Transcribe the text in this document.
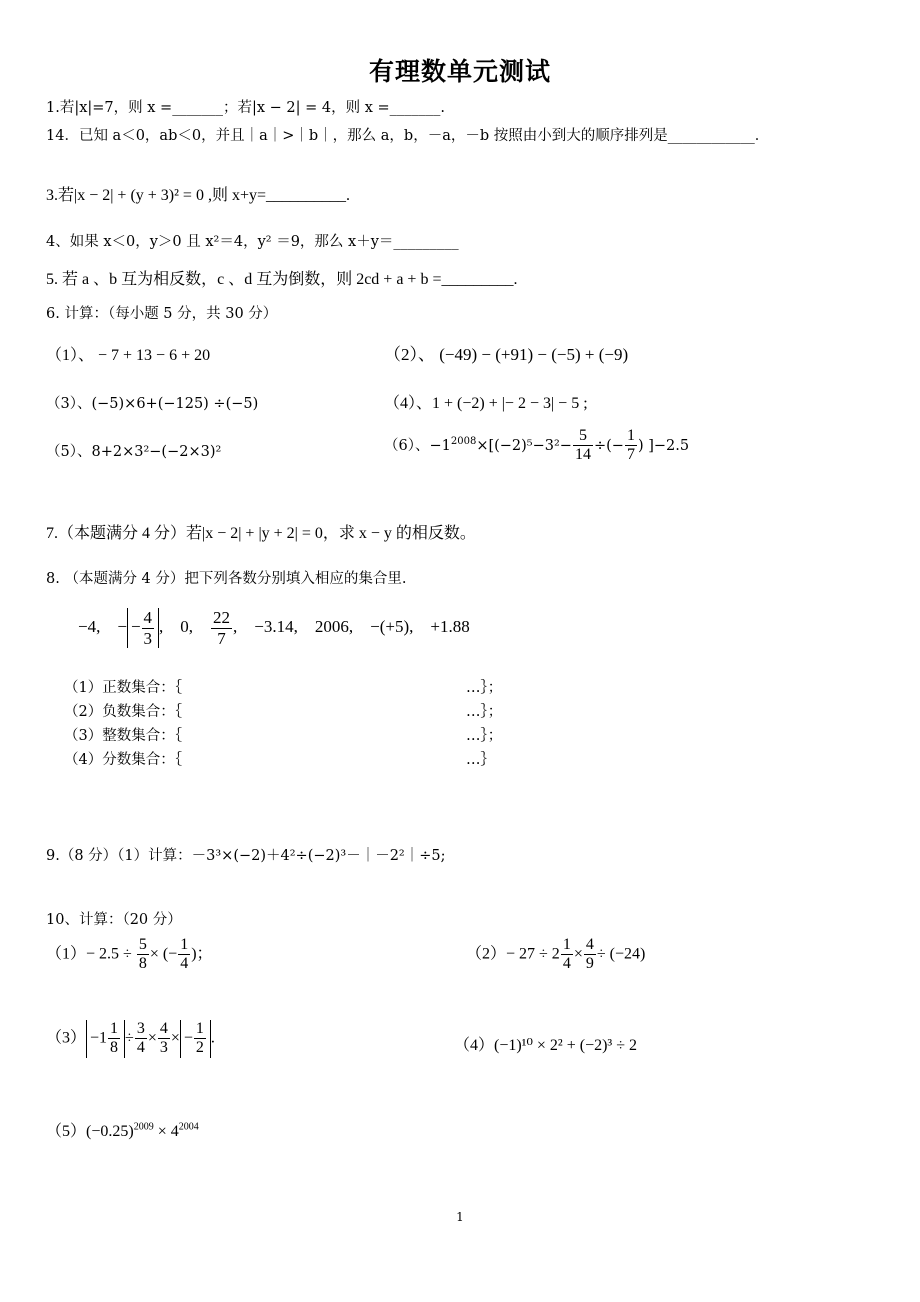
有理数单元测试
1.若|x|=7，则 x =_______；若|x − 2| = 4，则 x =_______.
14．已知 a＜0，ab＜0，并且｜a｜>｜b｜，那么 a，b，－a，－b 按照由小到大的顺序排列是____________．
3.若|x − 2| + (y + 3)² = 0 ,则 x+y=__________.
4、如果 x＜0，y＞0 且 x²＝4，y² ＝9，那么 x＋y＝_________
5. 若 a 、b 互为相反数，c 、d 互为倒数，则 2cd + a + b =_________.
6. 计算：（每小题 5 分，共 30 分）
（1）、 − 7 + 13 − 6 + 20	（2）、 (−49) − (+91) − (−5) + (−9)
（3）、(−5)×6+(−125) ÷(−5)	（4）、1 + (−2) + |− 2 − 3| − 5 ;
（5）、8+2×3²−(−2×3)²	（6）、$-1^{2008}\times[(-2)^5-3^2- \frac{5}{14}$ ÷(− $\frac{1}{7}$ ) ]−2.5
7.（本题满分 4 分）若|x − 2| + |y + 2| = 0，求 x − y 的相反数。
8. （本题满分 4 分）把下列各数分别填入相应的集合里.
−4, − − $\frac{4}{3}$ ,    0, $\frac{22}{7}$ ,    −3.14, 2006, −(+5), +1.88
（1）正数集合：｛	…｝；
（2）负数集合：｛	…｝；
（3）整数集合：｛	…｝；
（4）分数集合：｛	…｝
9.（8 分）（1）计算：－3³×(−2)＋4²÷(−2)³－｜－2²｜÷5;
10、计算：（20 分）
$(1)- 2.5 \div \frac{5}{8}$ × (− $\frac{1}{4}$ )；	$(2)- 27 \div 2 \frac{1}{4} \times \frac{4}{9} \div (-24)$
$(3) -1 \frac{1}{8} \div \frac{3}{4} \times \frac{4}{3}$ × − $\frac{1}{2}$ .	（4）(−1)¹⁰ × 2² + (−2)³ ÷ 2
$(5)(-0.25)^{2009} \times 4^{2004}$
1
